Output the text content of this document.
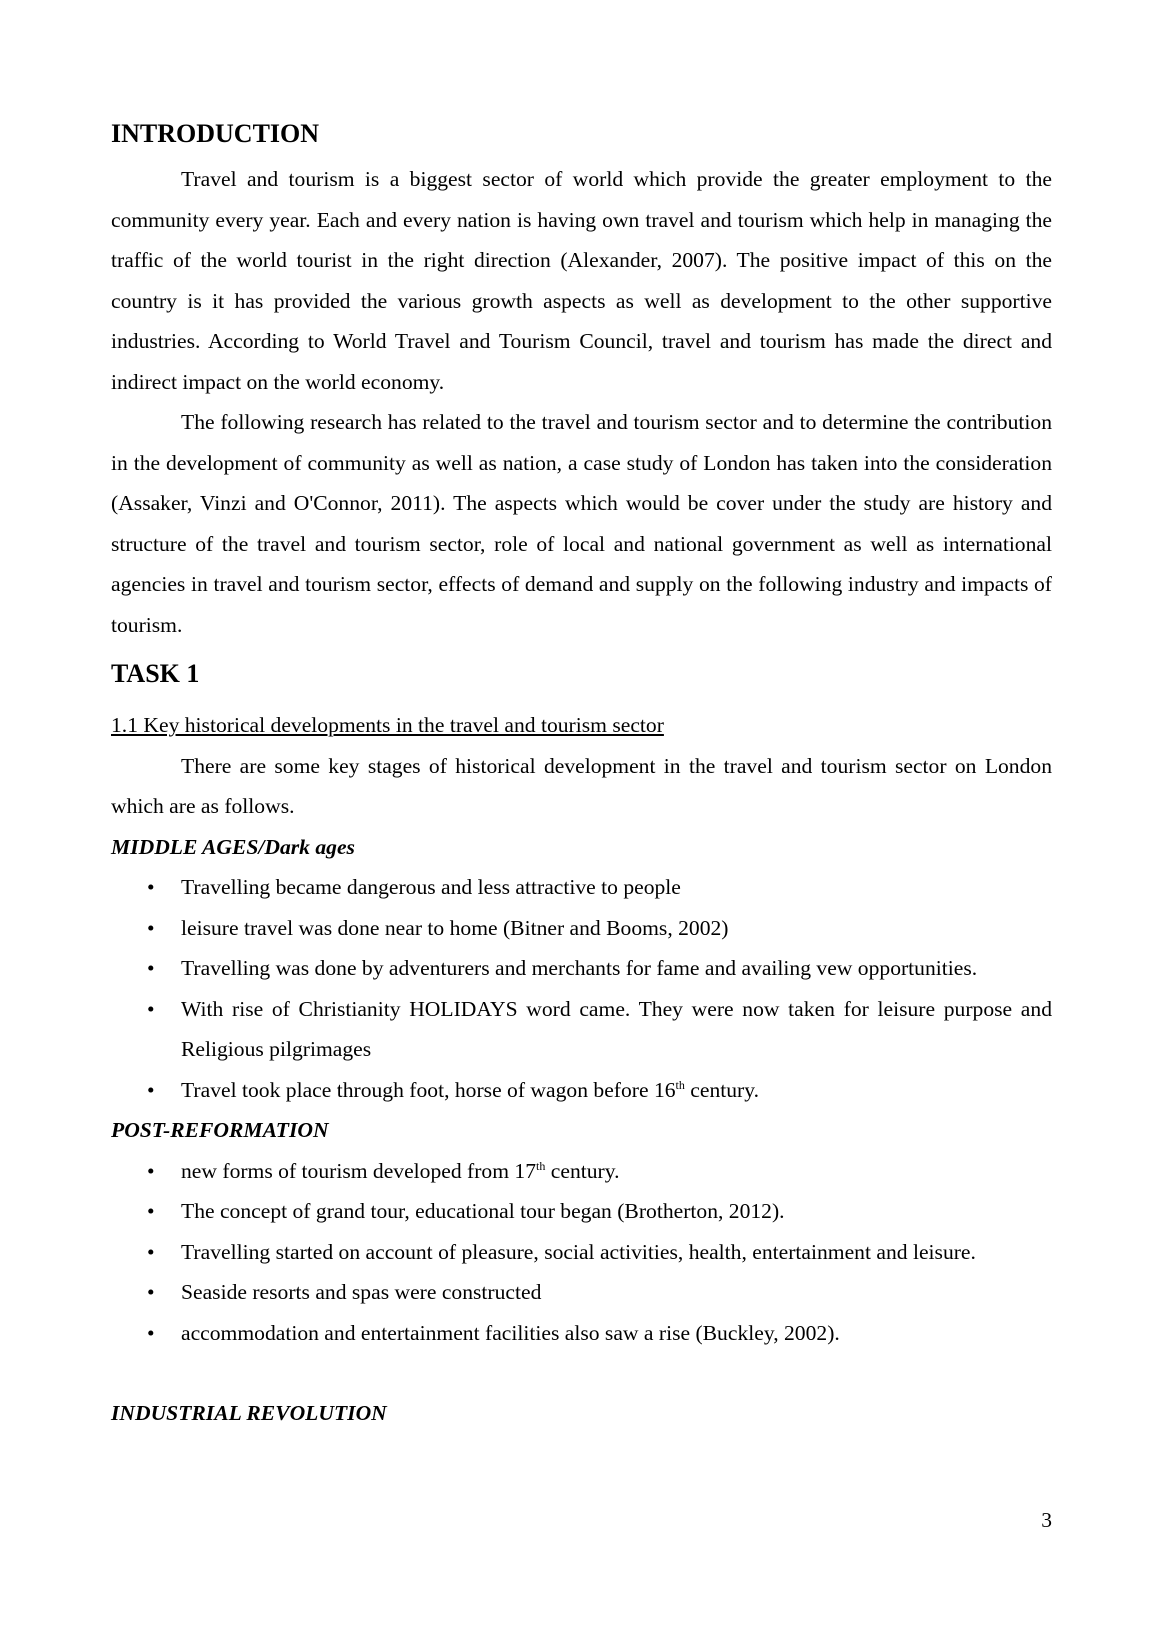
INTRODUCTION

Travel and tourism is a biggest sector of world which provide the greater employment to the community every year. Each and every nation is having own travel and tourism which help in managing the traffic of the world tourist in the right direction (Alexander, 2007). The positive impact of this on the country is it has provided the various growth aspects as well as development to the other supportive industries. According to World Travel and Tourism Council, travel and tourism has made the direct and indirect impact on the world economy.

The following research has related to the travel and tourism sector and to determine the contribution in the development of community as well as nation, a case study of London has taken into the consideration (Assaker, Vinzi and O'Connor, 2011). The aspects which would be cover under the study are history and structure of the travel and tourism sector, role of local and national government as well as international agencies in travel and tourism sector, effects of demand and supply on the following industry and impacts of tourism.

TASK 1
1.1 Key historical developments in the travel and tourism sector

There are some key stages of historical development in the travel and tourism sector on London which are as follows.

MIDDLE AGES/Dark ages
• Travelling became dangerous and less attractive to people
• leisure travel was done near to home (Bitner and Booms, 2002)
• Travelling was done by adventurers and merchants for fame and availing vew opportunities.
• With rise of Christianity HOLIDAYS word came. They were now taken for leisure purpose and Religious pilgrimages
• Travel took place through foot, horse of wagon before 16th century.
POST-REFORMATION
• new forms of tourism developed from 17th century.
• The concept of grand tour, educational tour began (Brotherton, 2012).
• Travelling started on account of pleasure, social activities, health, entertainment and leisure.
• Seaside resorts and spas were constructed
• accommodation and entertainment facilities also saw a rise (Buckley, 2002).
INDUSTRIAL REVOLUTION
3
